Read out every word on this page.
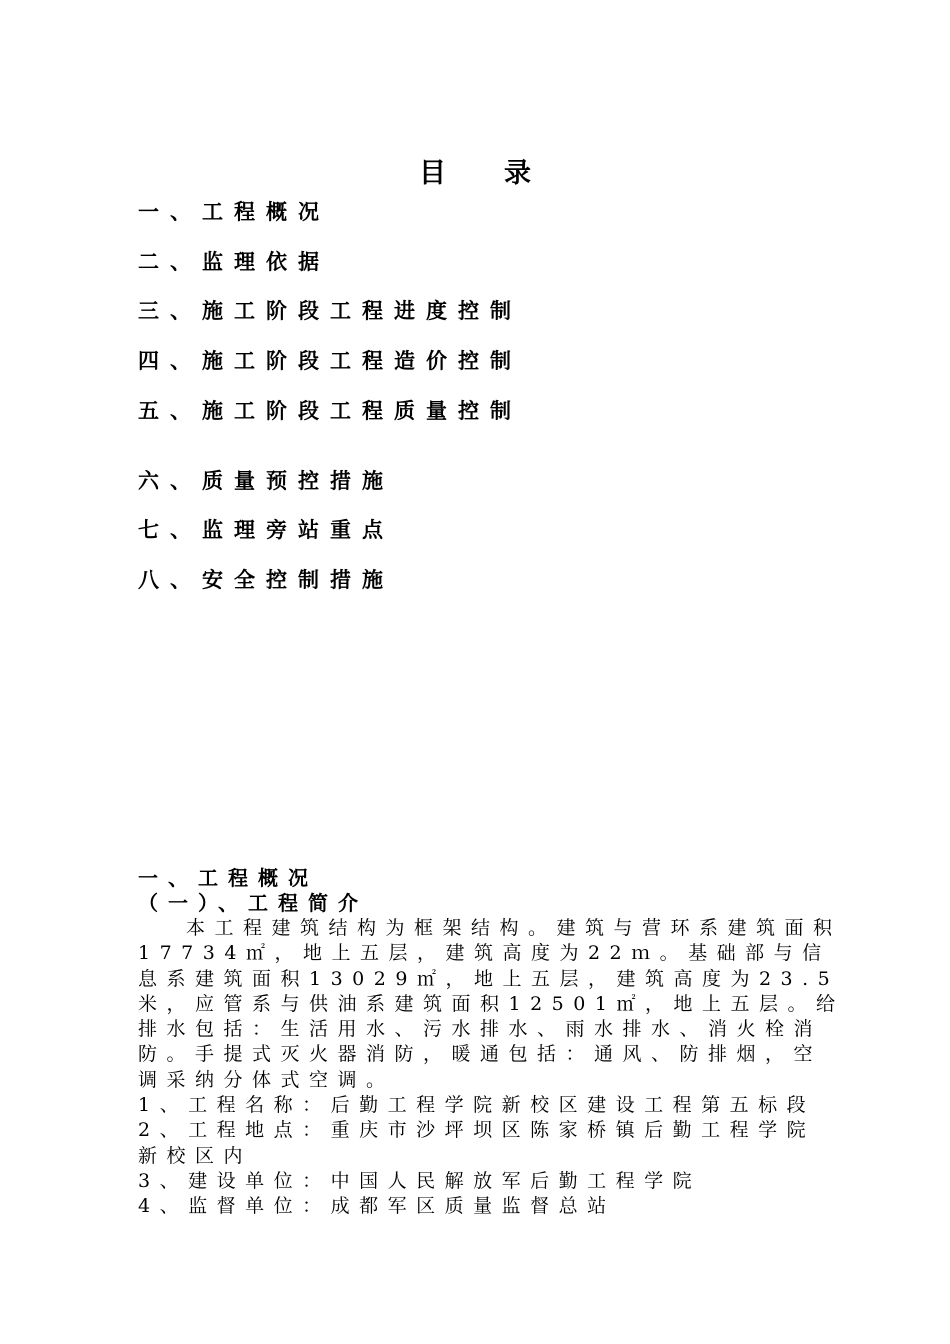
目录

一、工程概况

二、监理依据

三、施工阶段工程进度控制

四、施工阶段工程造价控制

五、施工阶段工程质量控制

六、质量预控措施

七、监理旁站重点

八、安全控制措施

一、工程概况
（一）、工程简介

本工程建筑结构为框架结构。建筑与营环系建筑面积17734㎡，地上五层，建筑高度为22ｍ。基础部与信息系建筑面积13029㎡，地上五层，建筑高度为23.5米，应管系与供油系建筑面积12501㎡，地上五层。给排水包括：生活用水、污水排水、雨水排水、消火栓消防。手提式灭火器消防，暖通包括：通风、防排烟，空调采纳分体式空调。

1、工程名称：后勤工程学院新校区建设工程第五标段

2、工程地点：重庆市沙坪坝区陈家桥镇后勤工程学院新校区内

3、建设单位：中国人民解放军后勤工程学院

4、监督单位：成都军区质量监督总站
